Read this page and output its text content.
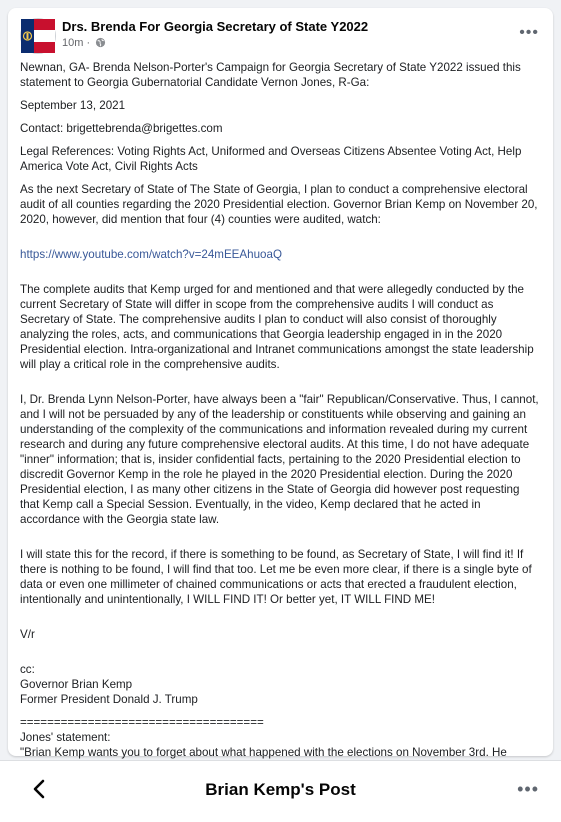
Drs. Brenda For Georgia Secretary of State Y2022
10m ·
•••

Newnan, GA- Brenda Nelson-Porter's Campaign for Georgia Secretary of State Y2022 issued this statement to Georgia Gubernatorial Candidate Vernon Jones, R-Ga:

September 13, 2021

Contact: brigettebrenda@brigettes.com

Legal References: Voting Rights Act, Uniformed and Overseas Citizens Absentee Voting Act, Help America Vote Act, Civil Rights Acts

As the next Secretary of State of The State of Georgia, I plan to conduct a comprehensive electoral audit of all counties regarding the 2020 Presidential election. Governor Brian Kemp on November 20, 2020, however, did mention that four (4) counties were audited, watch:

https://www.youtube.com/watch?v=24mEEAhuoaQ

The complete audits that Kemp urged for and mentioned and that were allegedly conducted by the current Secretary of State will differ in scope from the comprehensive audits I will conduct as Secretary of State. The comprehensive audits I plan to conduct will also consist of thoroughly analyzing the roles, acts, and communications that Georgia leadership engaged in in the 2020 Presidential election. Intra-organizational and Intranet communications amongst the state leadership will play a critical role in the comprehensive audits.

I, Dr. Brenda Lynn Nelson-Porter, have always been a "fair" Republican/Conservative. Thus, I cannot, and I will not be persuaded by any of the leadership or constituents while observing and gaining an understanding of the complexity of the communications and information revealed during my current research and during any future comprehensive electoral audits. At this time, I do not have adequate "inner" information; that is, insider confidential facts, pertaining to the 2020 Presidential election to discredit Governor Kemp in the role he played in the 2020 Presidential election. During the 2020 Presidential election, I as many other citizens in the State of Georgia did however post requesting that Kemp call a Special Session. Eventually, in the video, Kemp declared that he acted in accordance with the Georgia state law.

I will state this for the record, if there is something to be found, as Secretary of State, I will find it! If there is nothing to be found, I will find that too. Let me be even more clear, if there is a single byte of data or even one millimeter of chained communications or acts that erected a fraudulent election, intentionally and unintentionally, I WILL FIND IT! Or better yet, IT WILL FIND ME!

V/r

cc:

Governor Brian Kemp

Former President Donald J. Trump

====================================

Jones' statement:

"Brian Kemp wants you to forget about what happened with the elections on November 3rd. He

Brian Kemp's Post	•••
